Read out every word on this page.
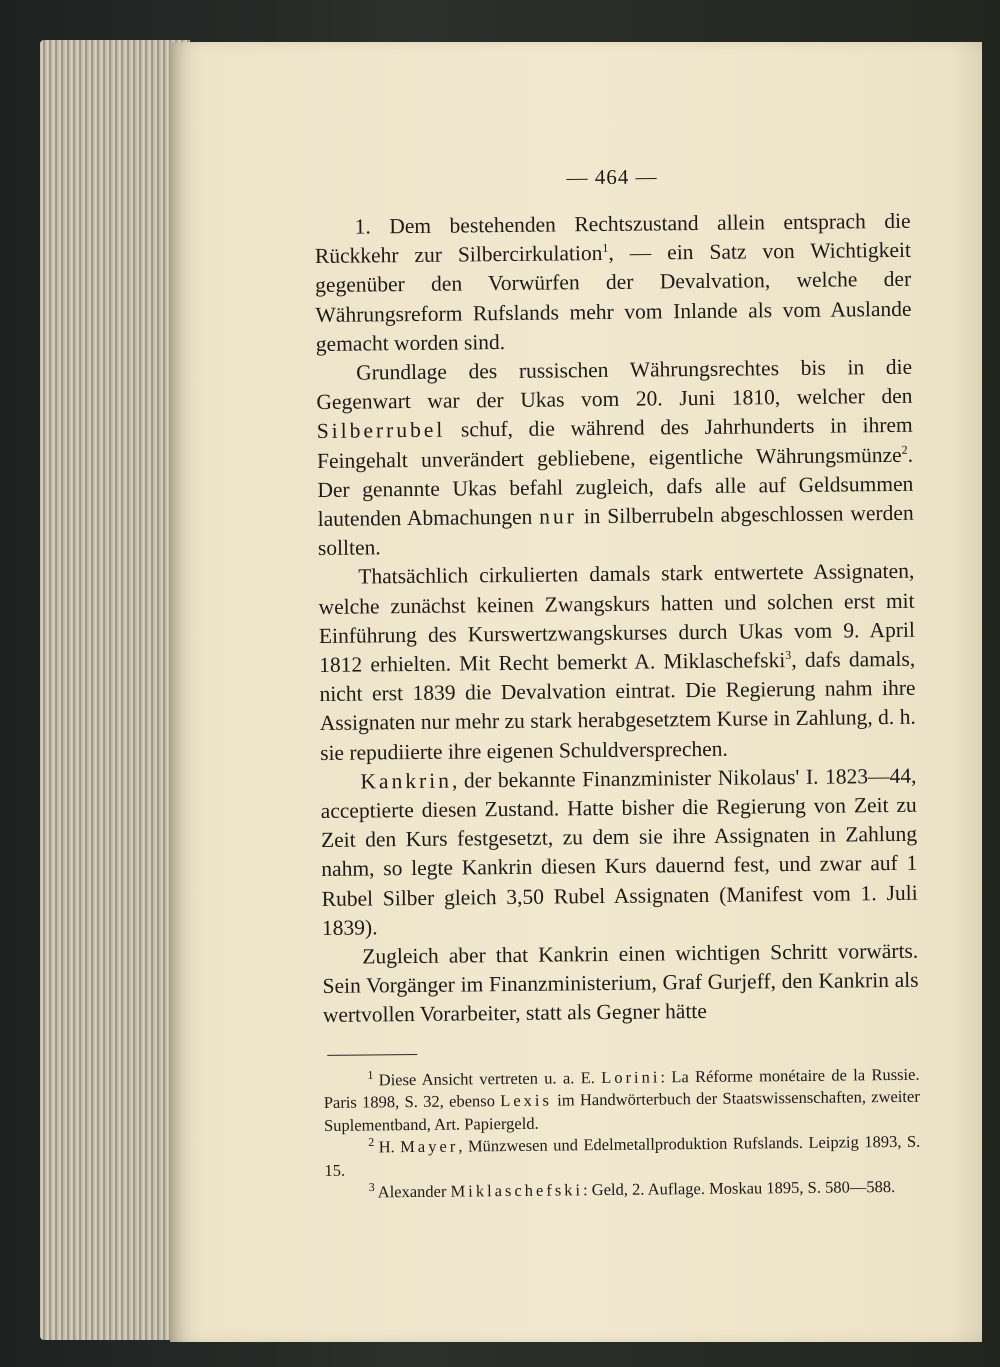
— 464 —

1. Dem bestehenden Rechtszustand allein entsprach die Rückkehr zur Silbercirkulation$^1$, — ein Satz von Wichtigkeit gegenüber den Vorwürfen der Devalvation, welche der Währungsreform Rufslands mehr vom Inlande als vom Auslande gemacht worden sind.

Grundlage des russischen Währungsrechtes bis in die Gegenwart war der Ukas vom 20. Juni 1810, welcher den Silberrubel schuf, die während des Jahrhunderts in ihrem Feingehalt unverändert gebliebene, eigentliche Währungsmünze$^2$. Der genannte Ukas befahl zugleich, dafs alle auf Geldsummen lautenden Abmachungen nur in Silberrubeln abgeschlossen werden sollten.

Thatsächlich cirkulierten damals stark entwertete Assignaten, welche zunächst keinen Zwangskurs hatten und solchen erst mit Einführung des Kurswertzwangskurses durch Ukas vom 9. April 1812 erhielten. Mit Recht bemerkt A. Miklaschefski$^3$, dafs damals, nicht erst 1839 die Devalvation eintrat. Die Regierung nahm ihre Assignaten nur mehr zu stark herabgesetztem Kurse in Zahlung, d. h. sie repudiierte ihre eigenen Schuldversprechen.

Kankrin, der bekannte Finanzminister Nikolaus' I. 1823—44, acceptierte diesen Zustand. Hatte bisher die Regierung von Zeit zu Zeit den Kurs festgesetzt, zu dem sie ihre Assignaten in Zahlung nahm, so legte Kankrin diesen Kurs dauernd fest, und zwar auf 1 Rubel Silber gleich 3,50 Rubel Assignaten (Manifest vom 1. Juli 1839).

Zugleich aber that Kankrin einen wichtigen Schritt vorwärts. Sein Vorgänger im Finanzministerium, Graf Gurjeff, den Kankrin als wertvollen Vorarbeiter, statt als Gegner hätte

$^1$ Diese Ansicht vertreten u. a. E. Lorini: La Réforme monétaire de la Russie. Paris 1898, S. 32, ebenso Lexis im Handwörterbuch der Staatswissenschaften, zweiter Suplementband, Art. Papiergeld.

$^2$ H. Mayer, Münzwesen und Edelmetallproduktion Rufslands. Leipzig 1893, S. 15.

$^3$ Alexander Miklaschefski: Geld, 2. Auflage. Moskau 1895, S. 580—588.
